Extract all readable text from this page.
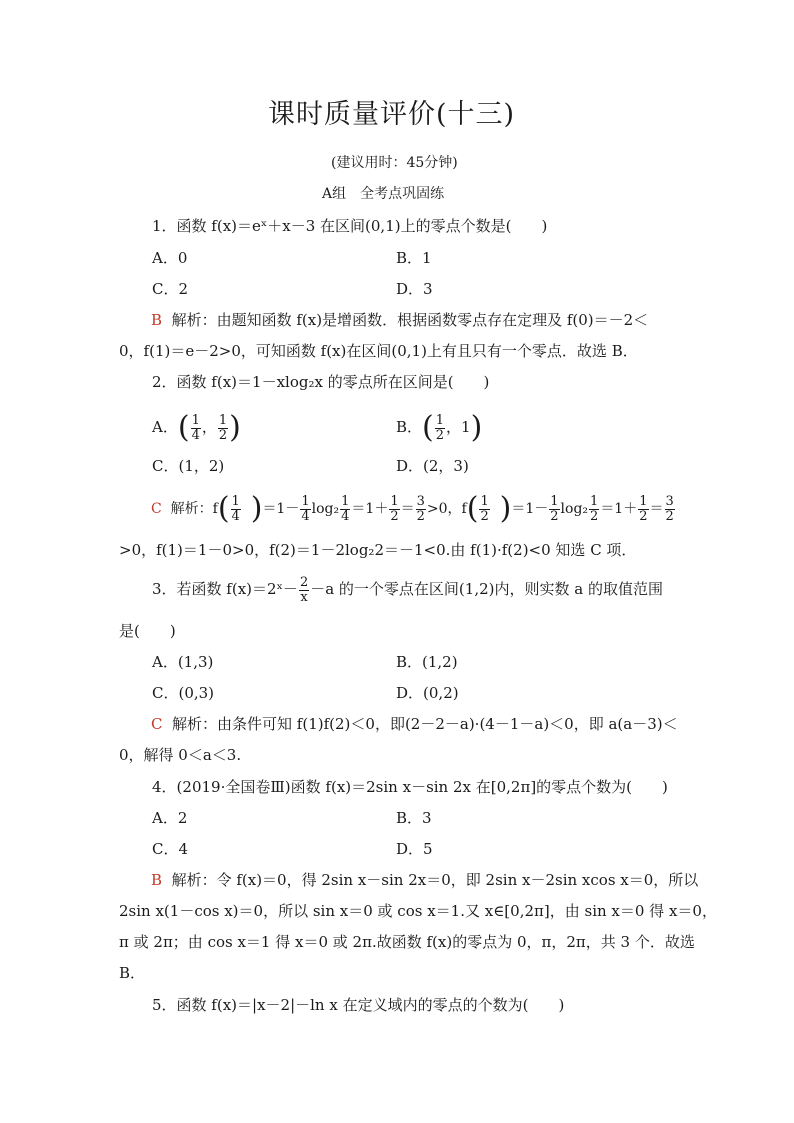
课时质量评价(十三)
(建议用时：45分钟)
A组　全考点巩固练
1．函数 f(x)＝eˣ＋x－3 在区间(0,1)上的零点个数是(　　)
A．0	B．1
C．2	D．3
B 解析：由题知函数 f(x)是增函数．根据函数零点存在定理及 f(0)＝－2＜
0，f(1)＝e－2>0，可知函数 f(x)在区间(0,1)上有且只有一个零点．故选 B．
2．函数 f(x)＝1－xlog₂x 的零点所在区间是(　　)
A．( $\frac{1}{4}$ ， $\frac{1}{2}$ )	B．( $\frac{1}{2}$ ，1)
C．(1，2)	D．(2，3)
C 解析：$f( \frac{1}{4} )=1- \frac{1}{4} \log_2 \frac{1}{4} =1+ \frac{1}{2} = \frac{3}{2} >0$，$f( \frac{1}{2} )=1- \frac{1}{2} \log_2 \frac{1}{2} =1+ \frac{1}{2} = \frac{3}{2}$
>0，f(1)＝1－0>0，f(2)＝1－2log₂2＝－1<0.由 f(1)·f(2)<0 知选 C 项．
3．若函数 f(x)＝2ˣ－ $\frac{2}{x} -a$ 的一个零点在区间(1,2)内，则实数 a 的取值范围
是(　　)
A．(1,3)	B．(1,2)
C．(0,3)	D．(0,2)
C 解析：由条件可知 f(1)f(2)＜0，即(2－2－a)·(4－1－a)＜0，即 a(a－3)＜
0，解得 0＜a＜3.
4．(2019·全国卷Ⅲ)函数 f(x)＝2sin x－sin 2x 在[0,2π]的零点个数为(　　)
A．2	B．3
C．4	D．5
B 解析：令 f(x)＝0，得 2sin x－sin 2x＝0，即 2sin x－2sin xcos x＝0，所以
2sin x(1－cos x)＝0，所以 sin x＝0 或 cos x＝1.又 x∈[0,2π]，由 sin x＝0 得 x＝0，
π 或 2π；由 cos x＝1 得 x＝0 或 2π.故函数 f(x)的零点为 0，π，2π，共 3 个．故选
B．
5．函数 f(x)＝|x－2|－ln x 在定义域内的零点的个数为(　　)
